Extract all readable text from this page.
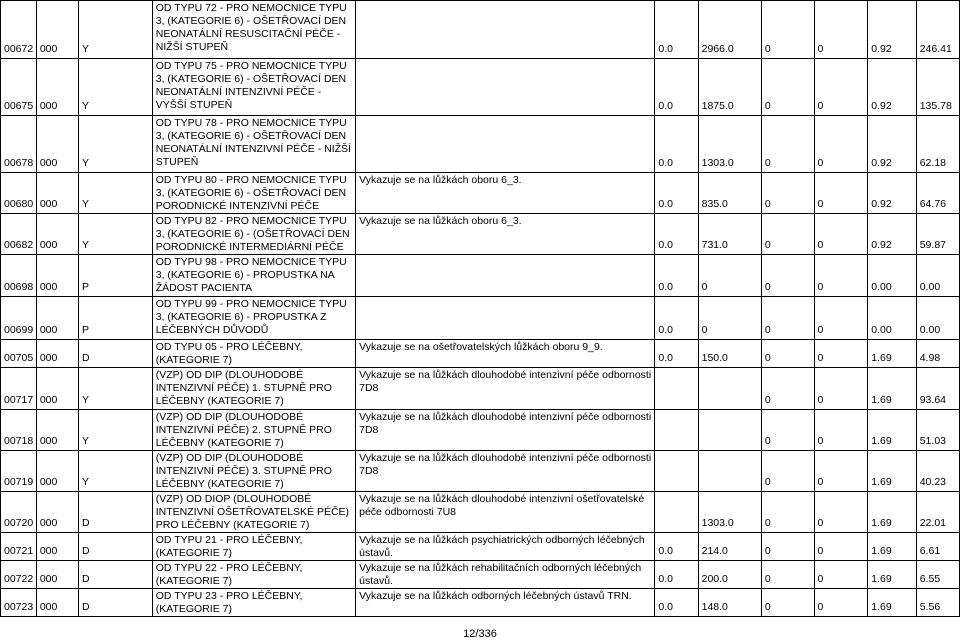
00672	000	Y	OD TYPU 72 - PRO NEMOCNICE TYPU 3, (KATEGORIE 6) - OŠETŘOVACÍ DEN NEONATÁLNÍ RESUSCITAČNÍ PÉČE - NIŽŠÍ STUPEŇ		0.0	2966.0	0	0	0.92	246.41
00675	000	Y	OD TYPU 75 - PRO NEMOCNICE TYPU 3, (KATEGORIE 6) - OŠETŘOVACÍ DEN NEONATÁLNÍ INTENZIVNÍ PÉČE - VYŠŠÍ STUPEŇ		0.0	1875.0	0	0	0.92	135.78
00678	000	Y	OD TYPU 78 - PRO NEMOCNICE TYPU 3, (KATEGORIE 6) - OŠETŘOVACÍ DEN NEONATÁLNÍ INTENZIVNÍ PÉČE - NIŽŠÍ STUPEŇ		0.0	1303.0	0	0	0.92	62.18
00680	000	Y	OD TYPU 80 - PRO NEMOCNICE TYPU 3, (KATEGORIE 6) - OŠETŘOVACÍ DEN PORODNICKÉ INTENZIVNÍ PÉČE	Vykazuje se na lůžkách oboru 6_3.	0.0	835.0	0	0	0.92	64.76
00682	000	Y	OD TYPU 82 - PRO NEMOCNICE TYPU 3, (KATEGORIE 6) - (OŠETŘOVACÍ DEN PORODNICKÉ INTERMEDIÁRNÍ PÉČE	Vykazuje se na lůžkách oboru 6_3.	0.0	731.0	0	0	0.92	59.87
00698	000	P	OD TYPU 98 - PRO NEMOCNICE TYPU 3, (KATEGORIE 6) - PROPUSTKA NA ŽÁDOST PACIENTA		0.0	0	0	0	0.00	0.00
00699	000	P	OD TYPU 99 - PRO NEMOCNICE TYPU 3, (KATEGORIE 6) - PROPUSTKA Z LÉČEBNÝCH DŮVODŮ		0.0	0	0	0	0.00	0.00
00705	000	D	OD TYPU 05 - PRO LÉČEBNY, (KATEGORIE 7)	Vykazuje se na ošetřovatelských lůžkách oboru 9_9.	0.0	150.0	0	0	1.69	4.98
00717	000	Y	(VZP) OD DIP (DLOUHODOBÉ INTENZIVNÍ PÉČE) 1. STUPNĚ PRO LÉČEBNY (KATEGORIE 7)	Vykazuje se na lůžkách dlouhodobé intenzivní péče odbornosti 7D8			0	0	1.69	93.64
00718	000	Y	(VZP) OD DIP (DLOUHODOBÉ INTENZIVNÍ PÉČE) 2. STUPNĚ PRO LÉČEBNY (KATEGORIE 7)	Vykazuje se na lůžkách dlouhodobé intenzivní péče odbornosti 7D8			0	0	1.69	51.03
00719	000	Y	(VZP) OD DIP (DLOUHODOBÉ INTENZIVNÍ PÉČE) 3. STUPNĚ PRO LÉČEBNY (KATEGORIE 7)	Vykazuje se na lůžkách dlouhodobé intenzivní péče odbornosti 7D8			0	0	1.69	40.23
00720	000	D	(VZP) OD DIOP (DLOUHODOBÉ INTENZIVNÍ OŠETŘOVATELSKÉ PÉČE) PRO LÉČEBNY (KATEGORIE 7)	Vykazuje se na lůžkách dlouhodobé intenzivní ošetřovatelské péče odbornosti 7U8		1303.0	0	0	1.69	22.01
00721	000	D	OD TYPU 21 - PRO LÉČEBNY, (KATEGORIE 7)	Vykazuje se na lůžkách psychiatrických odborných léčebných ústavů.	0.0	214.0	0	0	1.69	6.61
00722	000	D	OD TYPU 22 - PRO LÉČEBNY, (KATEGORIE 7)	Vykazuje se na lůžkách rehabilitačních odborných léčebných ústavů.	0.0	200.0	0	0	1.69	6.55
00723	000	D	OD TYPU 23 - PRO LÉČEBNY, (KATEGORIE 7)	Vykazuje se na lůžkách odborných léčebných ústavů TRN.	0.0	148.0	0	0	1.69	5.56
12/336
